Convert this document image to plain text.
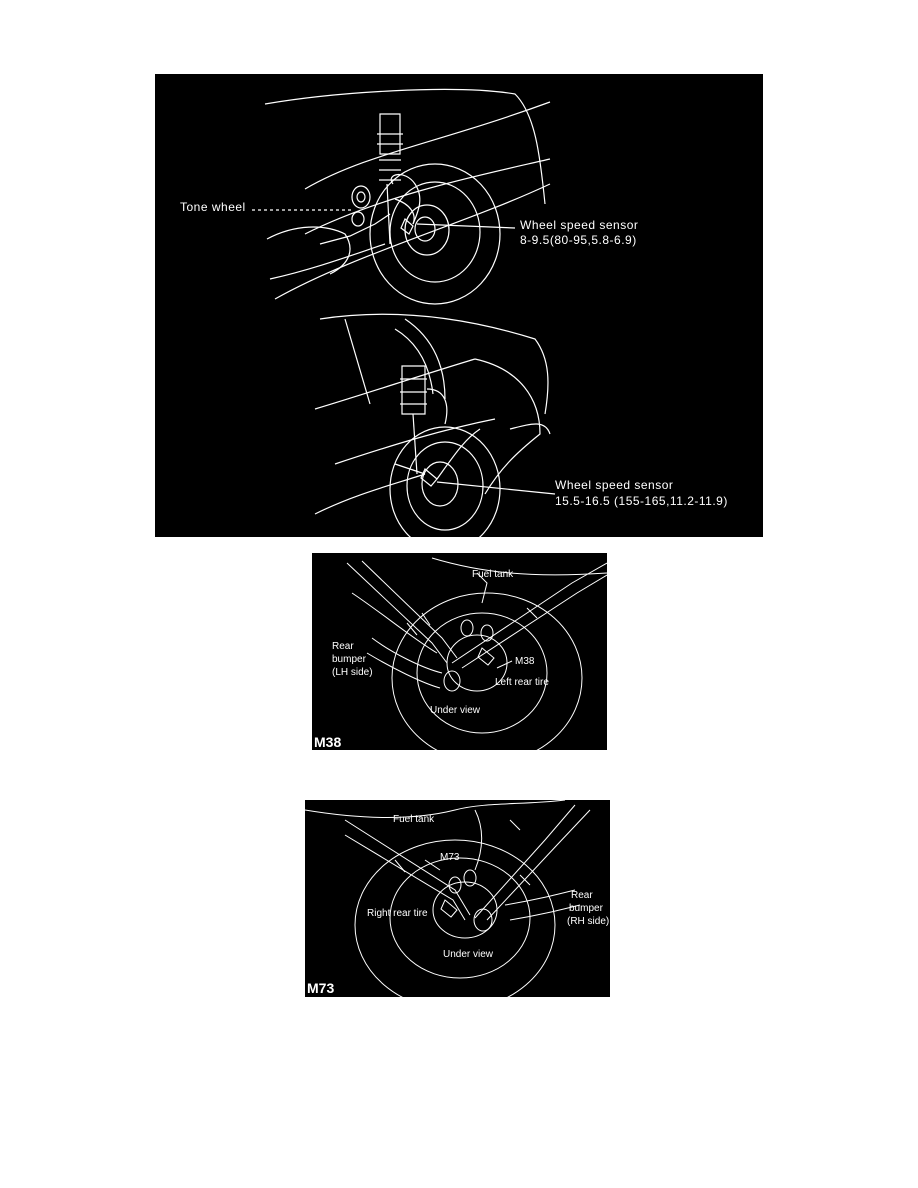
Tone wheel
Wheel speed sensor
8-9.5(80-95,5.8-6.9)
Wheel speed sensor
15.5-16.5 (155-165,11.2-11.9)
Fuel tank
Rear
bumper
(LH side)
M38
Left rear tire
Under view
M38
Fuel tank
M73
Right rear tire
Rear
bumper
(RH side)
Under view
M73
